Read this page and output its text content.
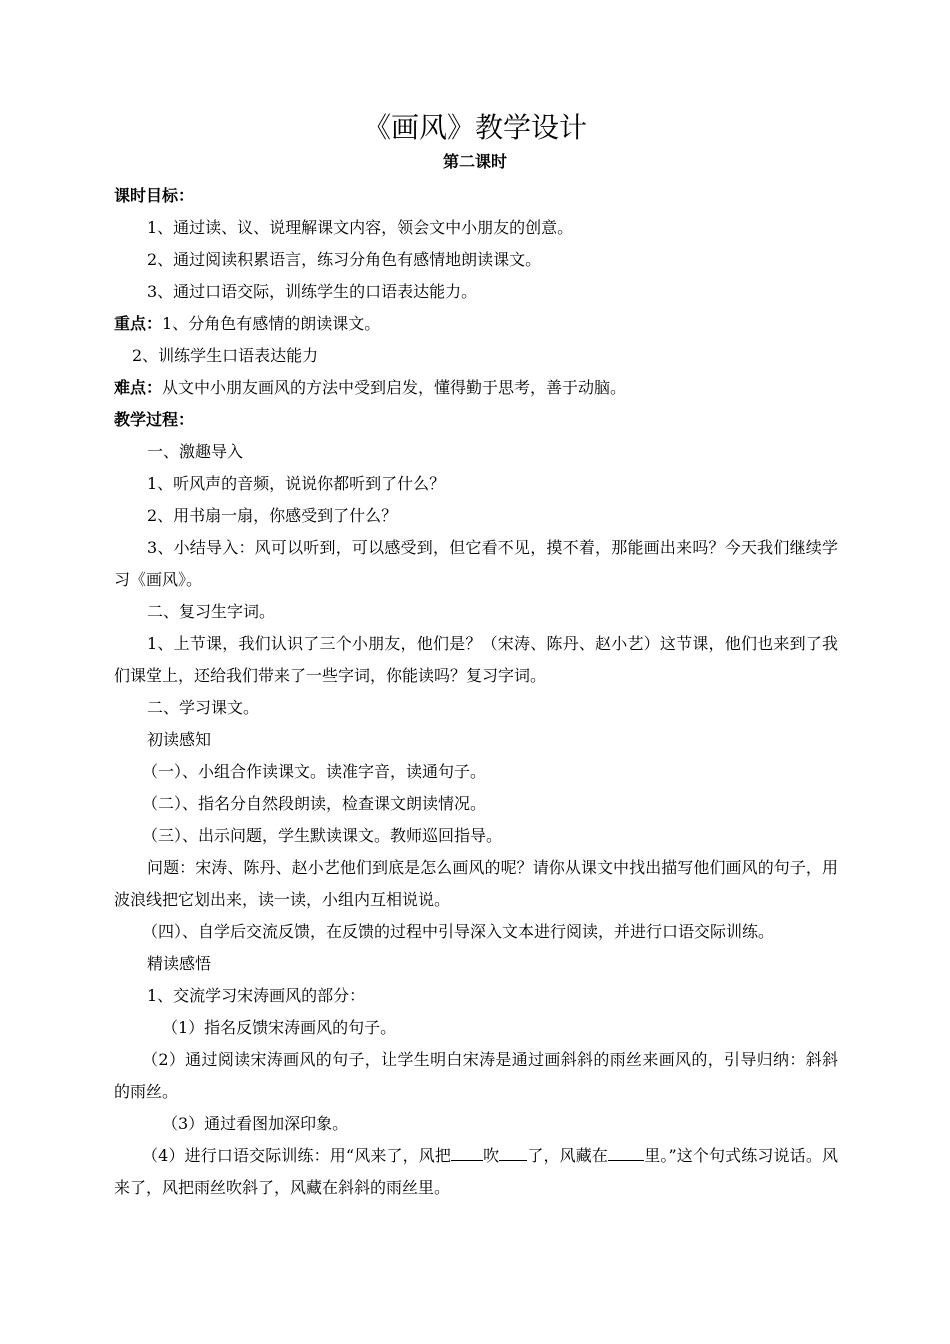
《画风》教学设计
第二课时

课时目标：

1、通过读、议、说理解课文内容，领会文中小朋友的创意。

2、通过阅读积累语言，练习分角色有感情地朗读课文。

3、通过口语交际，训练学生的口语表达能力。

重点：1、分角色有感情的朗读课文。

2、训练学生口语表达能力

难点：从文中小朋友画风的方法中受到启发，懂得勤于思考，善于动脑。

教学过程：

一、激趣导入

1、听风声的音频，说说你都听到了什么？

2、用书扇一扇，你感受到了什么？

3、小结导入：风可以听到，可以感受到，但它看不见，摸不着，那能画出来吗？今天我们继续学习《画风》。

二、复习生字词。

1、上节课，我们认识了三个小朋友，他们是？（宋涛、陈丹、赵小艺）这节课，他们也来到了我们课堂上，还给我们带来了一些字词，你能读吗？复习字词。

二、学习课文。

初读感知

（一）、小组合作读课文。读准字音，读通句子。

（二）、指名分自然段朗读，检查课文朗读情况。

（三）、出示问题，学生默读课文。教师巡回指导。

问题：宋涛、陈丹、赵小艺他们到底是怎么画风的呢？请你从课文中找出描写他们画风的句子，用波浪线把它划出来，读一读，小组内互相说说。

（四）、自学后交流反馈，在反馈的过程中引导深入文本进行阅读，并进行口语交际训练。

精读感悟

1、交流学习宋涛画风的部分：

（1）指名反馈宋涛画风的句子。

（2）通过阅读宋涛画风的句子，让学生明白宋涛是通过画斜斜的雨丝来画风的，引导归纳：斜斜的雨丝。

（3）通过看图加深印象。

（4）进行口语交际训练：用“风来了，风把 吹 了，风藏在 里。”这个句式练习说话。风来了，风把雨丝吹斜了，风藏在斜斜的雨丝里。
